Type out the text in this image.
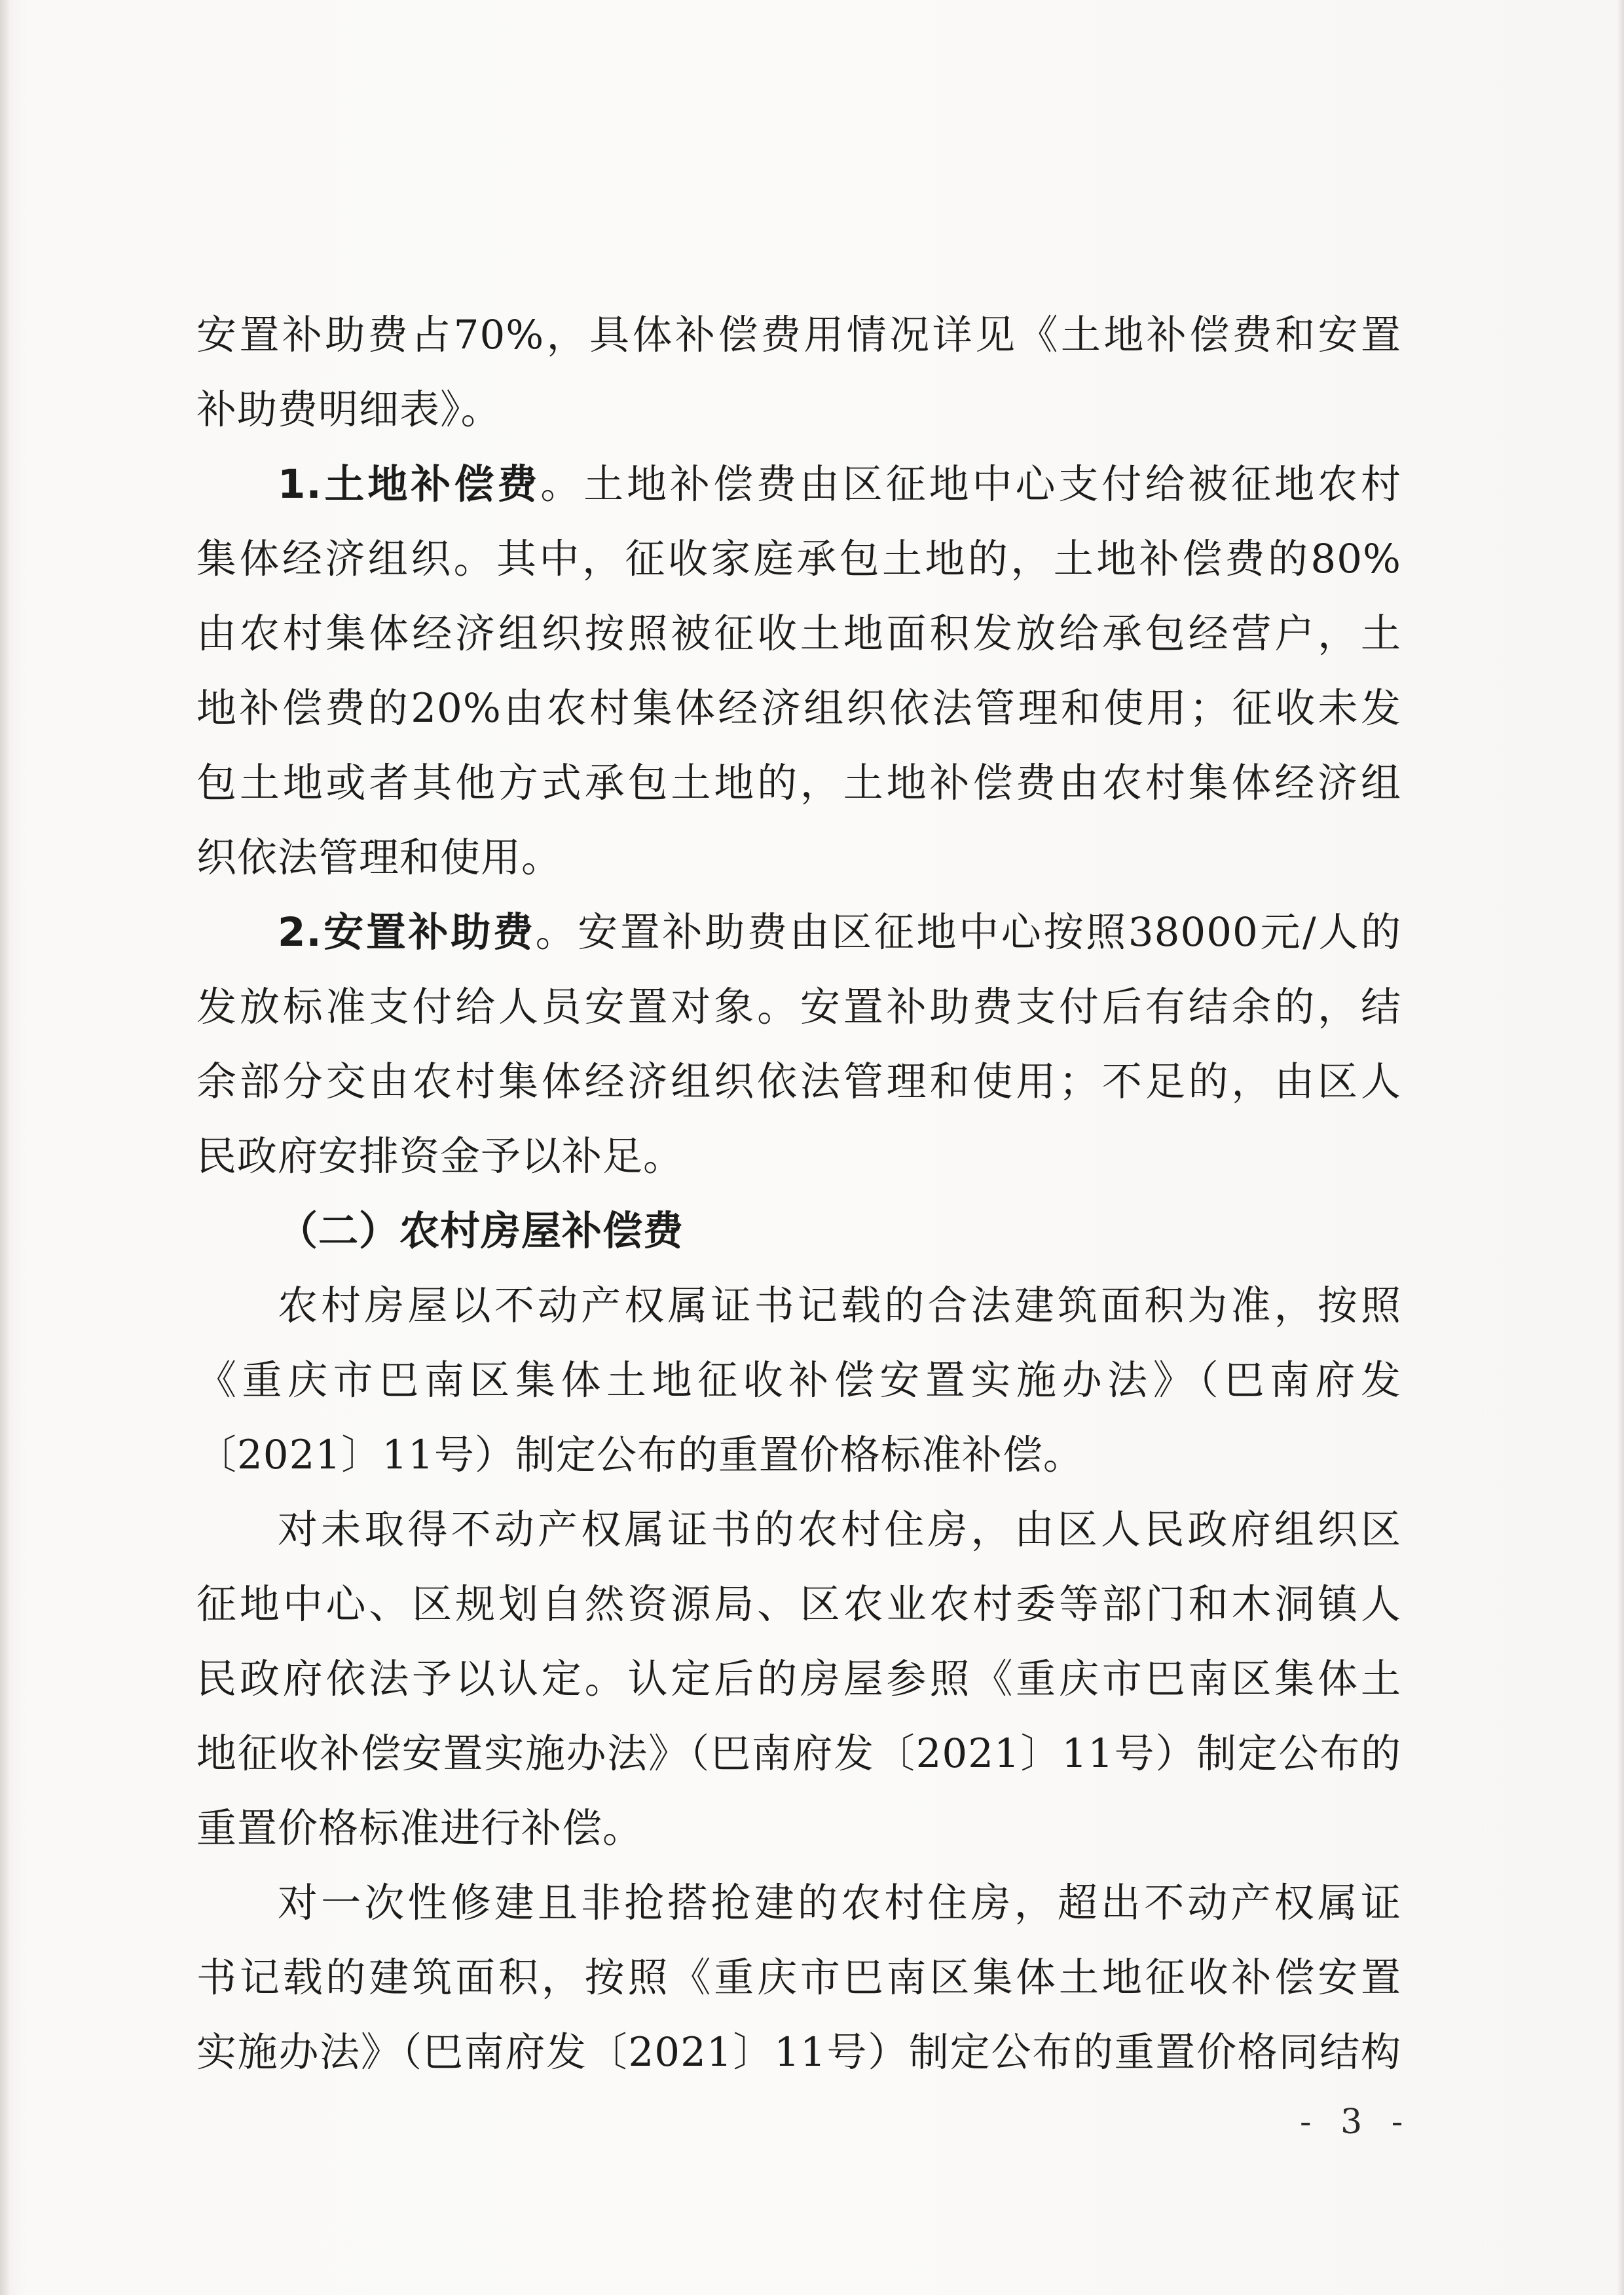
安置补助费占70%，具体补偿费用情况详见《土地补偿费和安置
补助费明细表》。
1.土地补偿费。土地补偿费由区征地中心支付给被征地农村
集体经济组织。其中，征收家庭承包土地的，土地补偿费的80%
由农村集体经济组织按照被征收土地面积发放给承包经营户，土
地补偿费的20%由农村集体经济组织依法管理和使用；征收未发
包土地或者其他方式承包土地的，土地补偿费由农村集体经济组
织依法管理和使用。
2.安置补助费。安置补助费由区征地中心按照38000元/人的
发放标准支付给人员安置对象。安置补助费支付后有结余的，结
余部分交由农村集体经济组织依法管理和使用；不足的，由区人
民政府安排资金予以补足。
（二）农村房屋补偿费
农村房屋以不动产权属证书记载的合法建筑面积为准，按照
《重庆市巴南区集体土地征收补偿安置实施办法》（巴南府发
〔2021〕11号）制定公布的重置价格标准补偿。
对未取得不动产权属证书的农村住房，由区人民政府组织区
征地中心、区规划自然资源局、区农业农村委等部门和木洞镇人
民政府依法予以认定。认定后的房屋参照《重庆市巴南区集体土
地征收补偿安置实施办法》（巴南府发〔2021〕11号）制定公布的
重置价格标准进行补偿。
对一次性修建且非抢搭抢建的农村住房，超出不动产权属证
书记载的建筑面积，按照《重庆市巴南区集体土地征收补偿安置
实施办法》（巴南府发〔2021〕11号）制定公布的重置价格同结构
- 3 -
